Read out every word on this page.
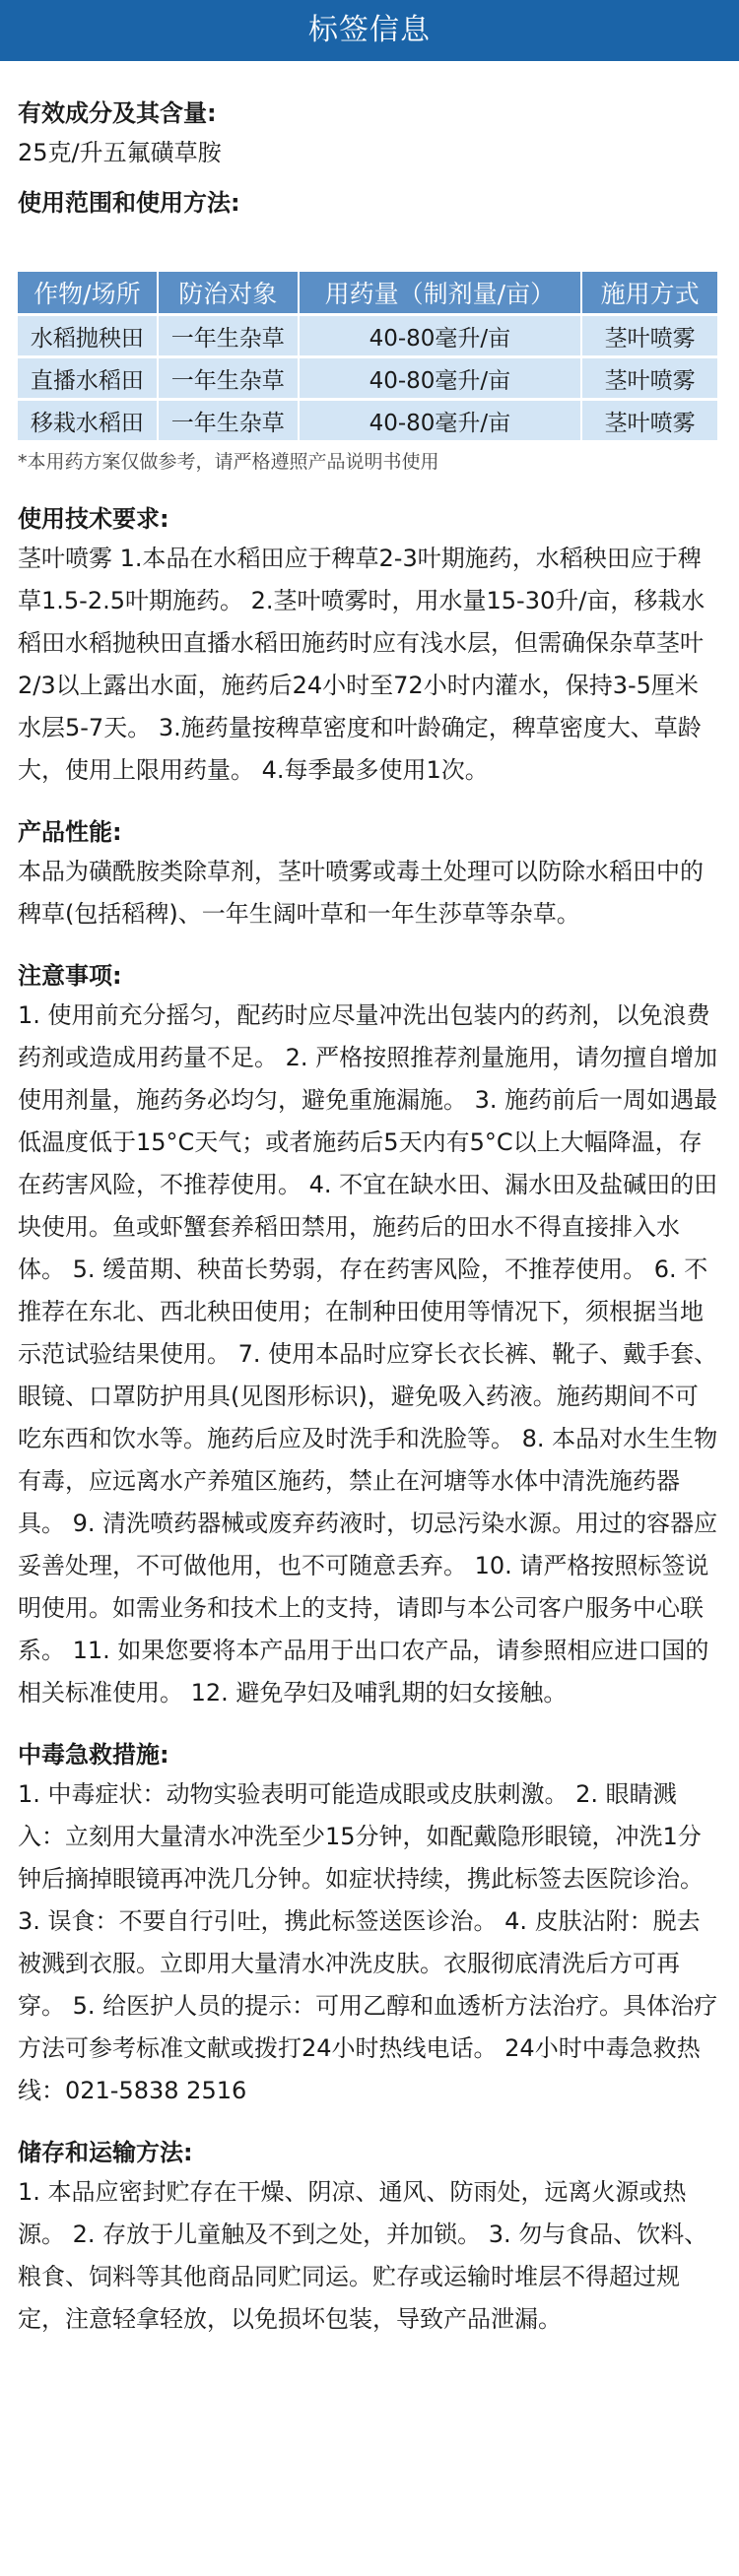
标签信息
有效成分及其含量:
25克/升五氟磺草胺
使用范围和使用方法:
作物/场所	防治对象	用药量（制剂量/亩）	施用方式
水稻抛秧田	一年生杂草	40-80毫升/亩	茎叶喷雾
直播水稻田	一年生杂草	40-80毫升/亩	茎叶喷雾
移栽水稻田	一年生杂草	40-80毫升/亩	茎叶喷雾
*本用药方案仅做参考，请严格遵照产品说明书使用
使用技术要求:
茎叶喷雾 1.本品在水稻田应于稗草2-3叶期施药，水稻秧田应于稗草1.5-2.5叶期施药。 2.茎叶喷雾时，用水量15-30升/亩，移栽水稻田水稻抛秧田直播水稻田施药时应有浅水层，但需确保杂草茎叶2/3以上露出水面，施药后24小时至72小时内灌水，保持3-5厘米水层5-7天。 3.施药量按稗草密度和叶龄确定，稗草密度大、草龄大，使用上限用药量。 4.每季最多使用1次。
产品性能:
本品为磺酰胺类除草剂，茎叶喷雾或毒土处理可以防除水稻田中的稗草(包括稻稗)、一年生阔叶草和一年生莎草等杂草。
注意事项:
1. 使用前充分摇匀，配药时应尽量冲洗出包装内的药剂，以免浪费药剂或造成用药量不足。 2. 严格按照推荐剂量施用，请勿擅自增加使用剂量，施药务必均匀，避免重施漏施。 3. 施药前后一周如遇最低温度低于15°C天气；或者施药后5天内有5°C以上大幅降温，存在药害风险，不推荐使用。 4. 不宜在缺水田、漏水田及盐碱田的田块使用。鱼或虾蟹套养稻田禁用，施药后的田水不得直接排入水体。 5. 缓苗期、秧苗长势弱，存在药害风险，不推荐使用。 6. 不推荐在东北、西北秧田使用；在制种田使用等情况下，须根据当地示范试验结果使用。 7. 使用本品时应穿长衣长裤、靴子、戴手套、眼镜、口罩防护用具(见图形标识)，避免吸入药液。施药期间不可吃东西和饮水等。施药后应及时洗手和洗脸等。 8. 本品对水生生物有毒，应远离水产养殖区施药，禁止在河塘等水体中清洗施药器具。 9. 清洗喷药器械或废弃药液时，切忌污染水源。用过的容器应妥善处理，不可做他用，也不可随意丢弃。 10. 请严格按照标签说明使用。如需业务和技术上的支持，请即与本公司客户服务中心联系。 11. 如果您要将本产品用于出口农产品，请参照相应进口国的相关标准使用。 12. 避免孕妇及哺乳期的妇女接触。
中毒急救措施:
1. 中毒症状：动物实验表明可能造成眼或皮肤刺激。 2. 眼睛溅入：立刻用大量清水冲洗至少15分钟，如配戴隐形眼镜，冲洗1分钟后摘掉眼镜再冲洗几分钟。如症状持续，携此标签去医院诊治。 3. 误食：不要自行引吐，携此标签送医诊治。 4. 皮肤沾附：脱去被溅到衣服。立即用大量清水冲洗皮肤。衣服彻底清洗后方可再穿。 5. 给医护人员的提示：可用乙醇和血透析方法治疗。具体治疗方法可参考标准文献或拨打24小时热线电话。 24小时中毒急救热线：021-5838 2516
储存和运输方法:
1. 本品应密封贮存在干燥、阴凉、通风、防雨处，远离火源或热源。 2. 存放于儿童触及不到之处，并加锁。 3. 勿与食品、饮料、粮食、饲料等其他商品同贮同运。贮存或运输时堆层不得超过规定，注意轻拿轻放，以免损坏包装，导致产品泄漏。
